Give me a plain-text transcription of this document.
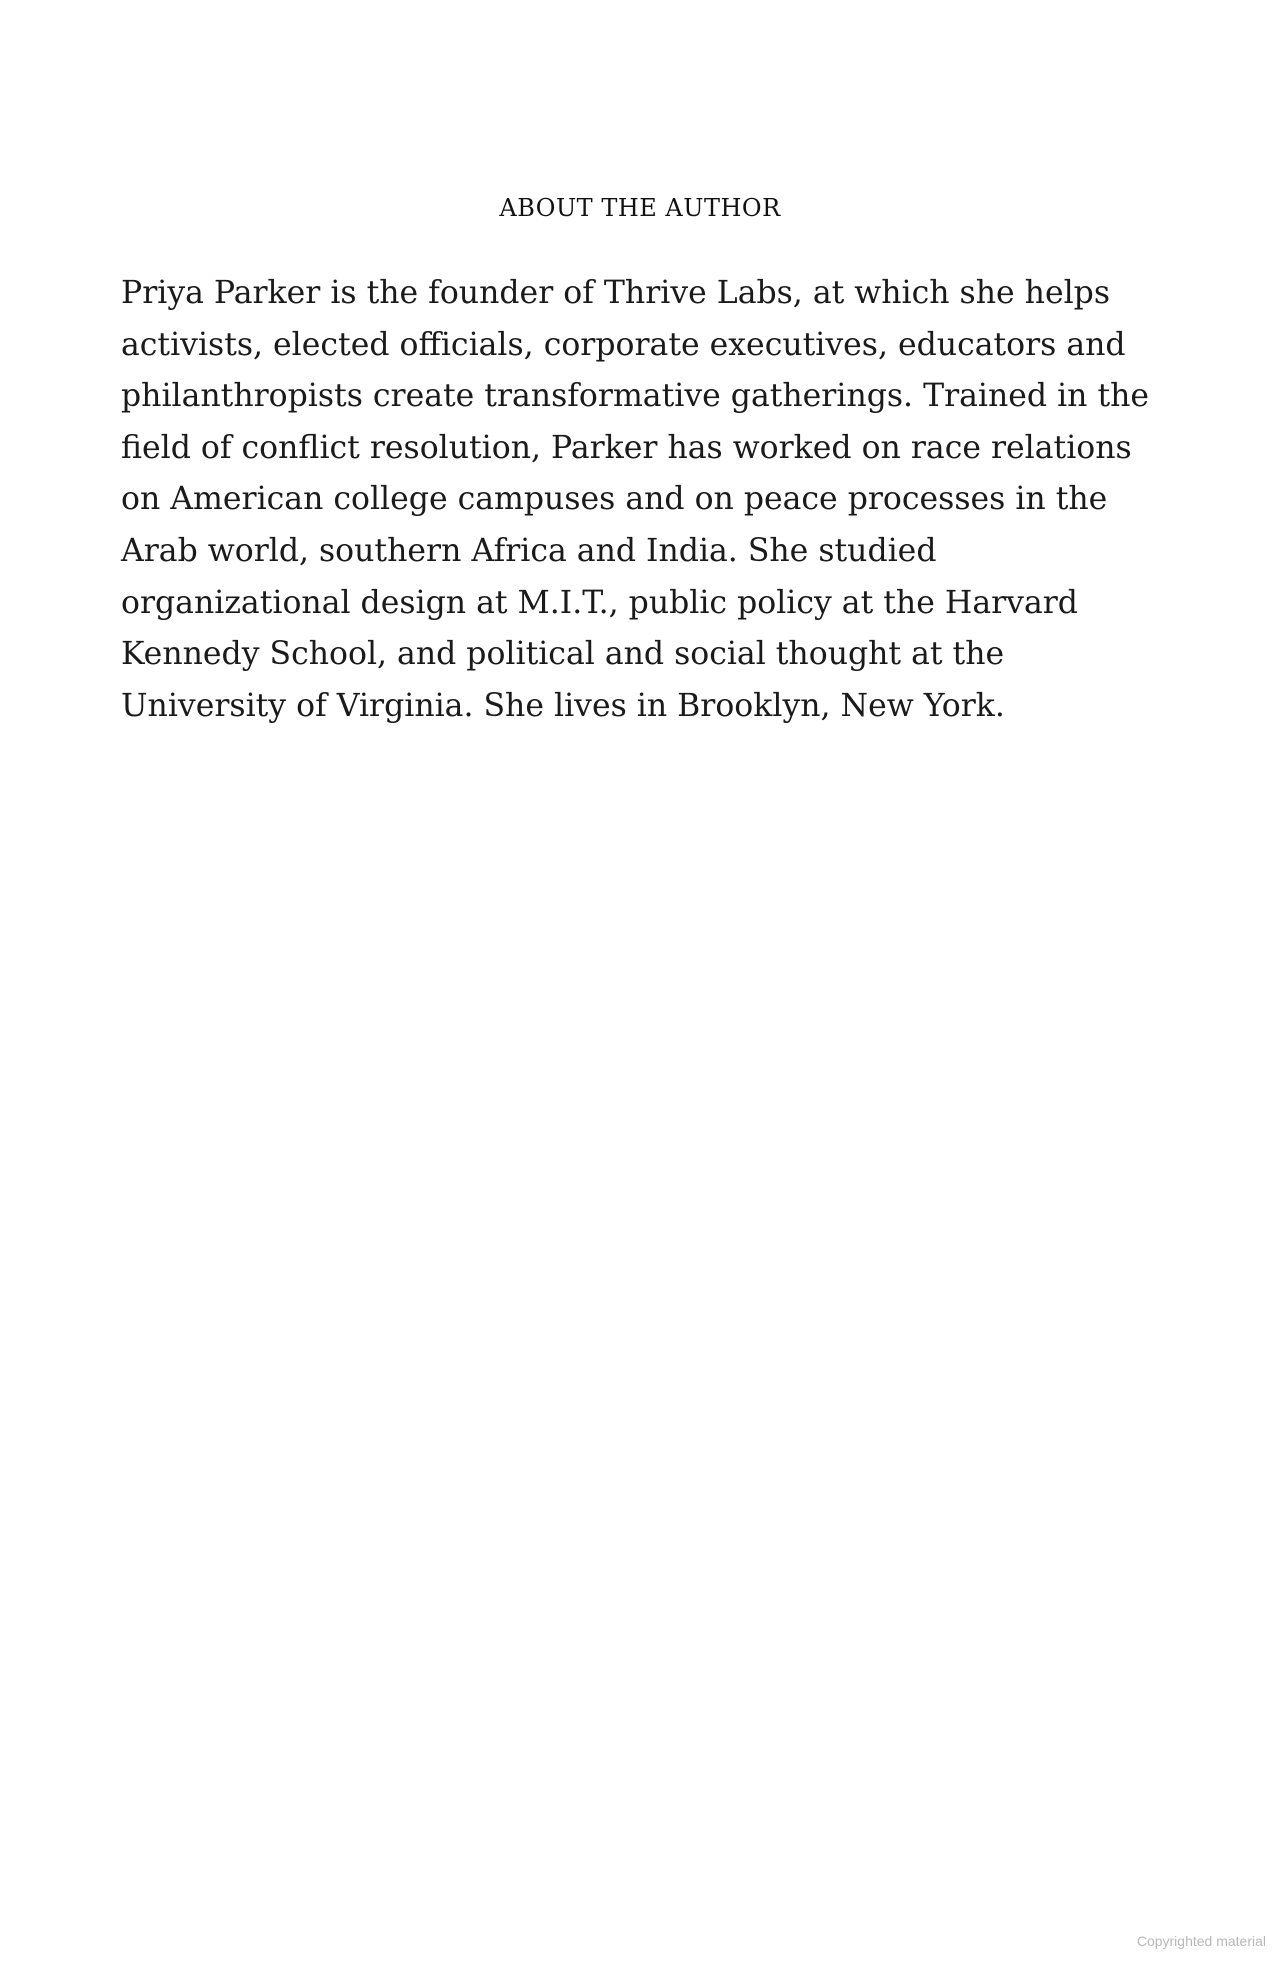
ABOUT THE AUTHOR

Priya Parker is the founder of Thrive Labs, at which she helps
activists, elected officials, corporate executives, educators and
philanthropists create transformative gatherings. Trained in the
field of conflict resolution, Parker has worked on race relations
on American college campuses and on peace processes in the
Arab world, southern Africa and India. She studied
organizational design at M.I.T., public policy at the Harvard
Kennedy School, and political and social thought at the
University of Virginia. She lives in Brooklyn, New York.

Copyrighted material
